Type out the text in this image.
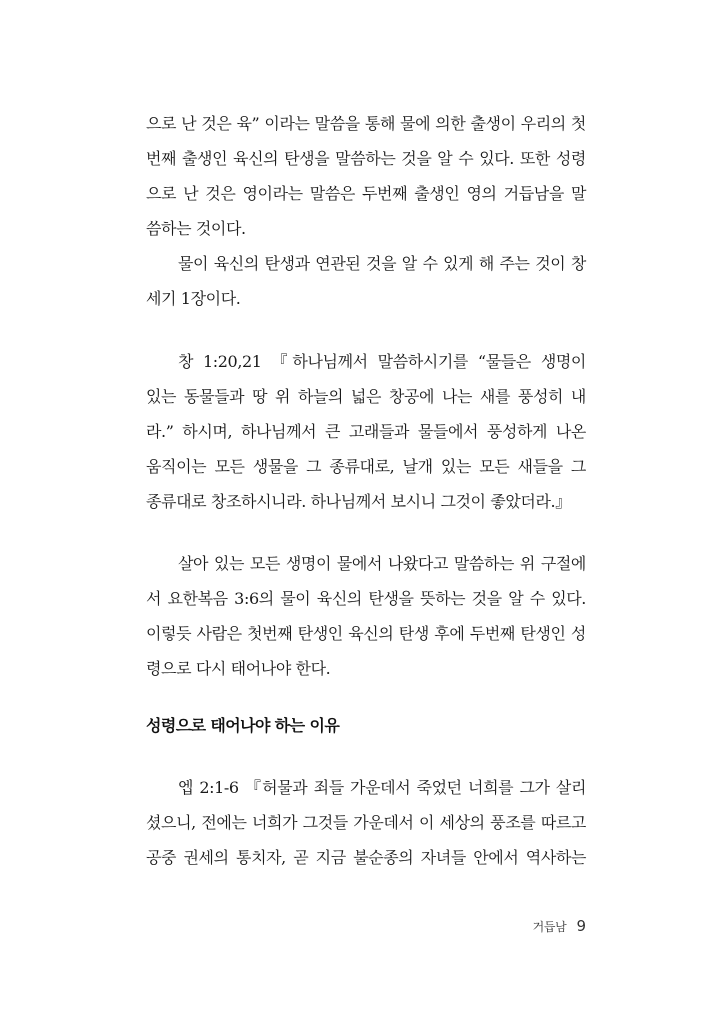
으로 난 것은 육” 이라는 말씀을 통해 물에 의한 출생이 우리의 첫
번째 출생인 육신의 탄생을 말씀하는 것을 알 수 있다. 또한 성령
으로 난 것은 영이라는 말씀은 두번째 출생인 영의 거듭남을 말
씀하는 것이다.
물이 육신의 탄생과 연관된 것을 알 수 있게 해 주는 것이 창
세기 1장이다.
창 1:20,21 『하나님께서 말씀하시기를 “물들은 생명이
있는 동물들과 땅 위 하늘의 넓은 창공에 나는 새를 풍성히 내
라.” 하시며, 하나님께서 큰 고래들과 물들에서 풍성하게 나온
움직이는 모든 생물을 그 종류대로, 날개 있는 모든 새들을 그
종류대로 창조하시니라. 하나님께서 보시니 그것이 좋았더라.』
살아 있는 모든 생명이 물에서 나왔다고 말씀하는 위 구절에
서 요한복음 3:6의 물이 육신의 탄생을 뜻하는 것을 알 수 있다.
이렇듯 사람은 첫번째 탄생인 육신의 탄생 후에 두번째 탄생인 성
령으로 다시 태어나야 한다.
성령으로 태어나야 하는 이유
엡 2:1-6 『허물과 죄들 가운데서 죽었던 너희를 그가 살리
셨으니, 전에는 너희가 그것들 가운데서 이 세상의 풍조를 따르고
공중 권세의 통치자, 곧 지금 불순종의 자녀들 안에서 역사하는
거듭남 9
